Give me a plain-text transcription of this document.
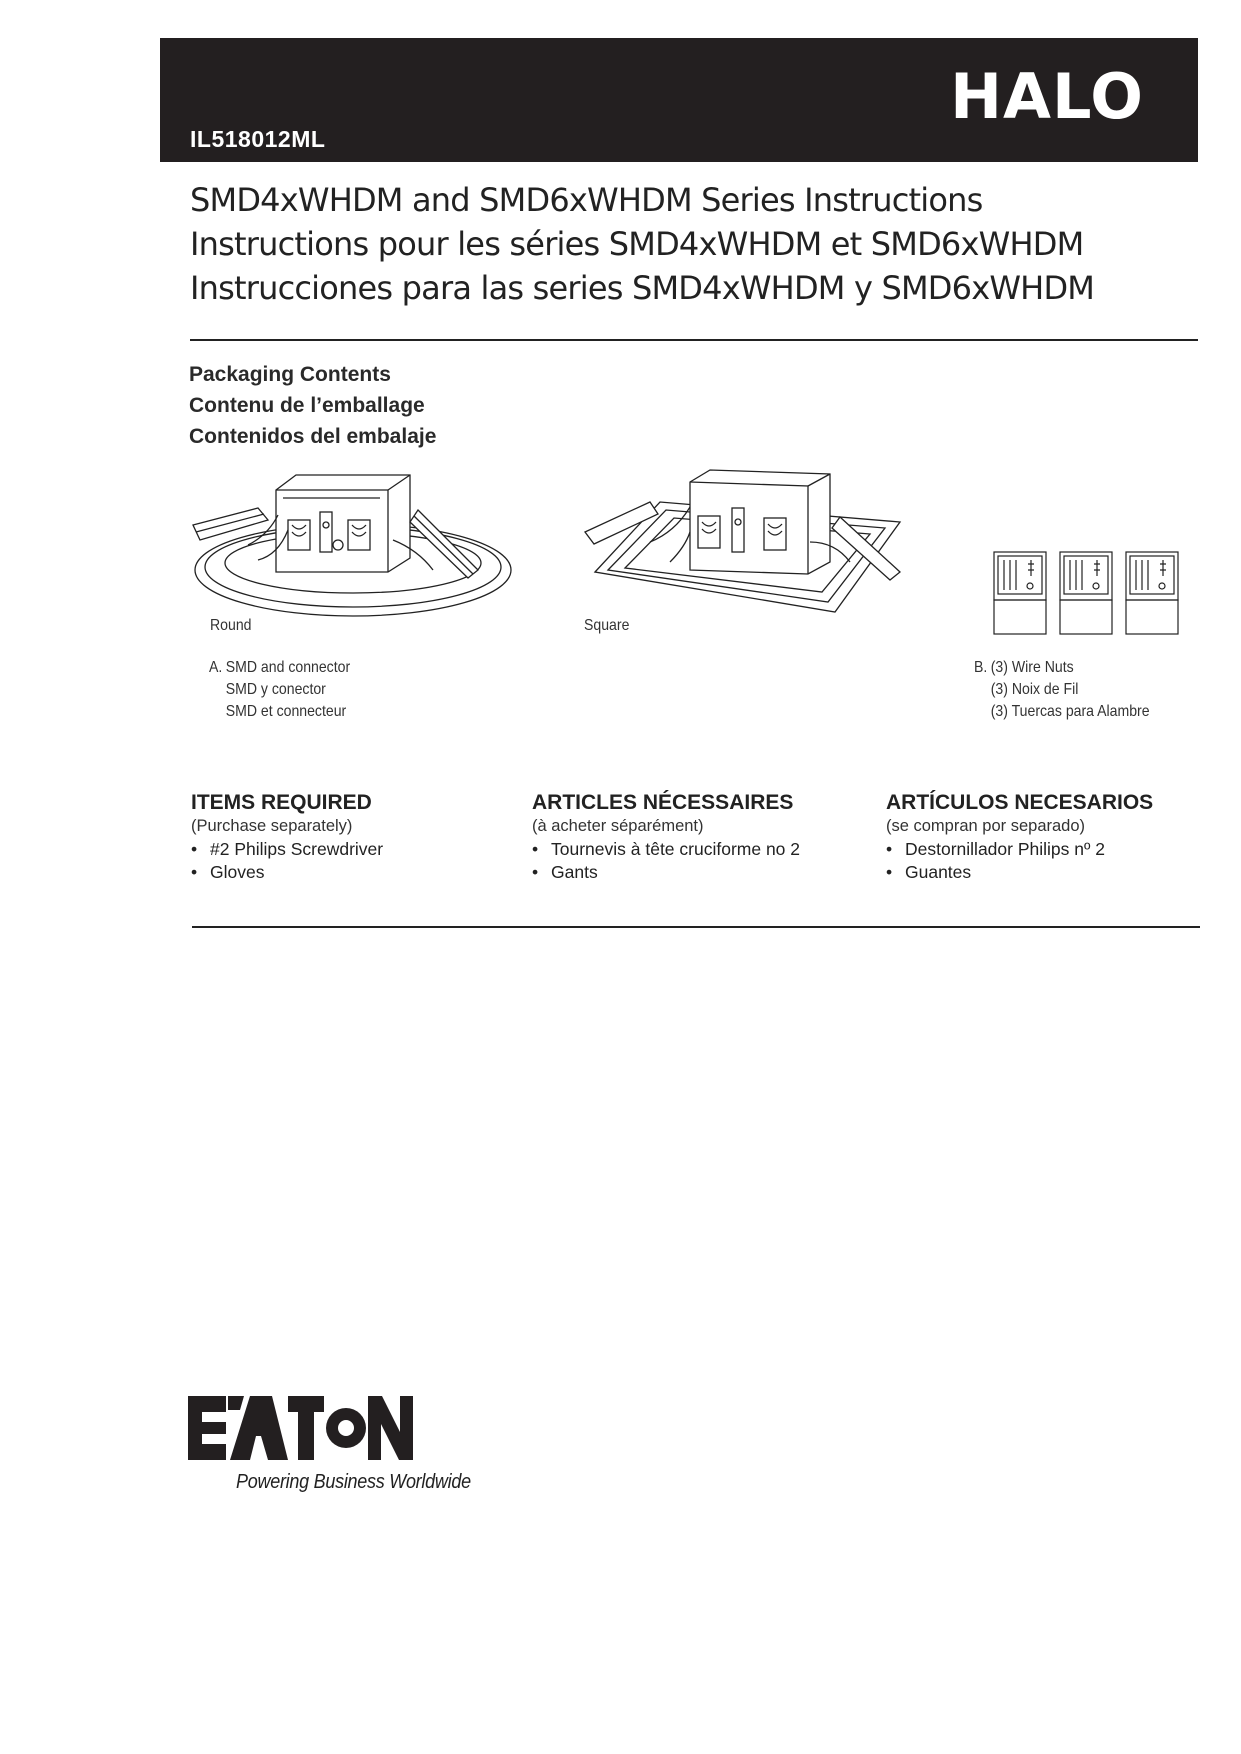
IL518012ML
HALO
SMD4xWHDM and SMD6xWHDM Series Instructions
Instructions pour les séries SMD4xWHDM et SMD6xWHDM
Instrucciones para las series SMD4xWHDM y SMD6xWHDM
Packaging Contents
Contenu de l’emballage
Contenidos del embalaje
Round	Square
A. SMD and connector
SMD y conector
SMD et connecteur
B. (3) Wire Nuts
(3) Noix de Fil
(3) Tuercas para Alambre
ITEMS REQUIRED
(Purchase separately)
• #2 Philips Screwdriver
• Gloves
ARTICLES NÉCESSAIRES
(à acheter séparément)
• Tournevis à tête cruciforme no 2
• Gants
ARTÍCULOS NECESARIOS
(se compran por separado)
• Destornillador Philips nº 2
• Guantes
Powering Business Worldwide
